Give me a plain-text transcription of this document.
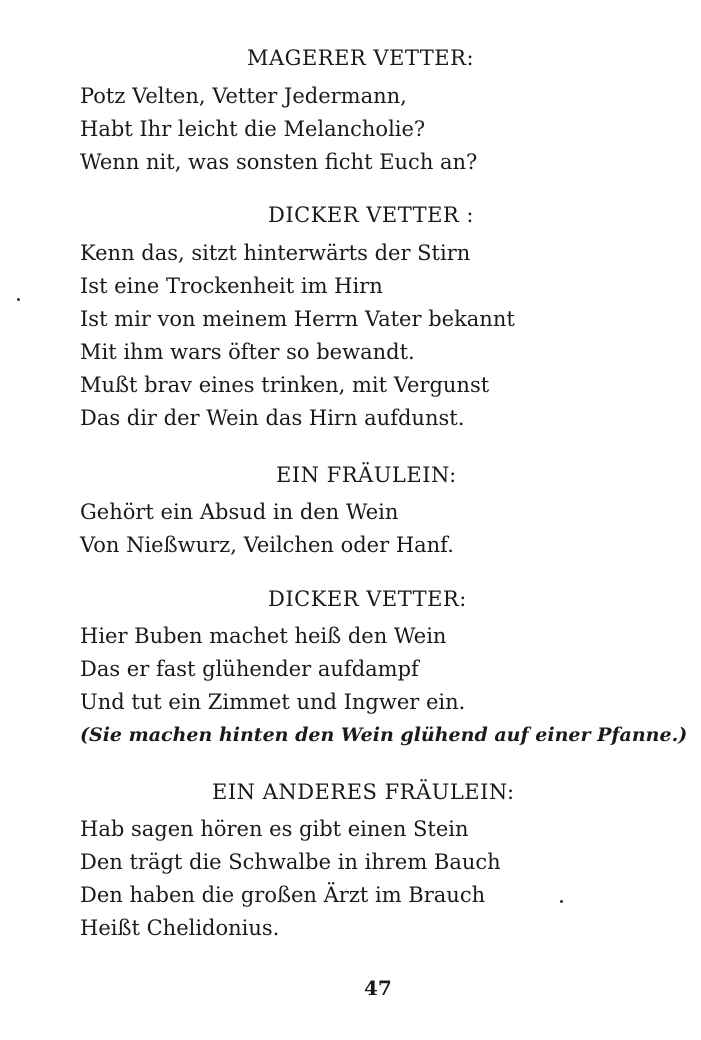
MAGERER VETTER:
Potz Velten, Vetter Jedermann,
Habt Ihr leicht die Melancholie?
Wenn nit, was sonsten ficht Euch an?
DICKER VETTER :
Kenn das, sitzt hinterwärts der Stirn
Ist eine Trockenheit im Hirn
Ist mir von meinem Herrn Vater bekannt
Mit ihm wars öfter so bewandt.
Mußt brav eines trinken, mit Vergunst
Das dir der Wein das Hirn aufdunst.
EIN FRÄULEIN:
Gehört ein Absud in den Wein
Von Nießwurz, Veilchen oder Hanf.
DICKER VETTER:
Hier Buben machet heiß den Wein
Das er fast glühender aufdampf
Und tut ein Zimmet und Ingwer ein.
(Sie machen hinten den Wein glühend auf einer Pfanne.)
EIN ANDERES FRÄULEIN:
Hab sagen hören es gibt einen Stein
Den trägt die Schwalbe in ihrem Bauch
Den haben die großen Ärzt im Brauch
Heißt Chelidonius.
47
